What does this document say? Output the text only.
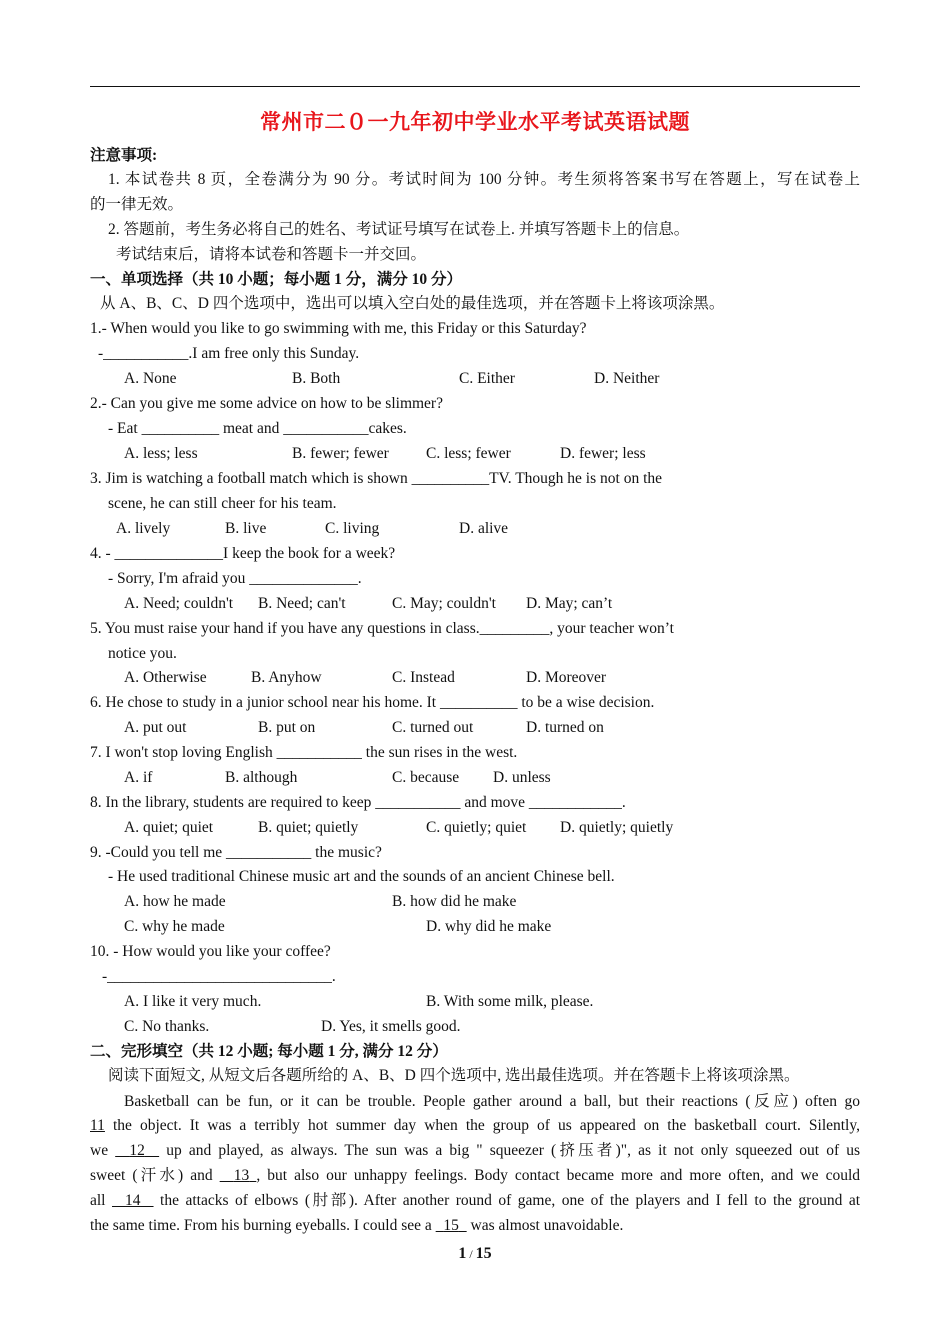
常州市二０一九年初中学业水平考试英语试题
注意事项:
1. 本试卷共 8 页，全卷满分为 90 分。考试时间为 100 分钟。考生须将答案书写在答题上，写在试卷上
的一律无效。
2. 答题前，考生务必将自己的姓名、考试证号填写在试卷上. 并填写答题卡上的信息。
考试结束后，请将本试卷和答题卡一并交回。
一、单项选择（共 10 小题；每小题 1 分，满分 10 分）
从 A、B、C、D 四个选项中，选出可以填入空白处的最佳选项，并在答题卡上将该项涂黑。
1.- When would you like to go swimming with me, this Friday or this Saturday?
-___________.I am free only this Sunday.
A. None	B. Both	C. Either	D. Neither
2.- Can you give me some advice on how to be slimmer?
- Eat __________ meat and ___________cakes.
A. less; less	B. fewer; fewer C. less; fewer	D. fewer; less
3. Jim is watching a football match which is shown __________TV. Though he is not on the
scene, he can still cheer for his team.
A. lively	B. live	C. living	D. alive
4. - ______________I keep the book for a week?
- Sorry, I'm afraid you ______________.
A. Need; couldn't B. Need; can't	C. May; couldn't D. May; can’t
5. You must raise your hand if you have any questions in class._________, your teacher won’t
notice you.
A. Otherwise	B. Anyhow	C. Instead	D. Moreover
6. He chose to study in a junior school near his home. It __________ to be a wise decision.
A. put out	B. put on	C. turned out	D. turned on
7. I won't stop loving English ___________ the sun rises in the west.
A. if	B. although	C. because D. unless
8. In the library, students are required to keep ___________ and move ____________.
A. quiet; quiet	B. quiet; quietly	C. quietly; quiet D. quietly; quietly
9. -Could you tell me ___________ the music?
- He used traditional Chinese music art and the sounds of an ancient Chinese bell.
A. how he made	B. how did he make
C. why he made	D. why did he make
10. - How would you like your coffee?
-_____________________________.
A. I like it very much.	B. With some milk, please.
C. No thanks.	D. Yes, it smells good.
二、完形填空（共 12 小题; 每小题 1 分, 满分 12 分）
阅读下面短文, 从短文后各题所给的 A、B、D 四个选项中, 选出最佳选项。并在答题卡上将该项涂黑。
Basketball can be fun, or it can be trouble. People gather around a ball, but their reactions (反应) often go
11 the object. It was a terribly hot summer day when the group of us appeared on the basketball court. Silently,
we   12   up and played, as always. The sun was a big " squeezer (挤压者)", as it not only squeezed out of us
sweet (汗水) and   13 , but also our unhappy feelings. Body contact became more and more often, and we could
all   14   the attacks of elbows (肘部). After another round of game, one of the players and I fell to the ground at
the same time. From his burning eyeballs. I could see a   15   was almost unavoidable.
1 / 15
